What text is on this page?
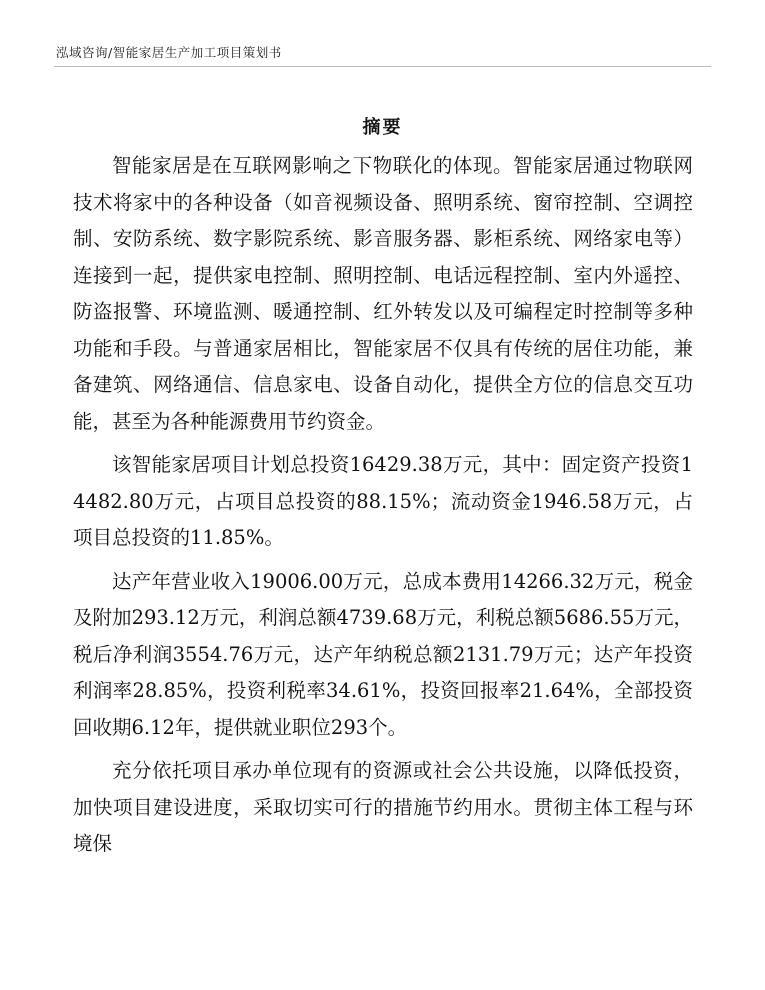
泓域咨询/智能家居生产加工项目策划书
摘要

智能家居是在互联网影响之下物联化的体现。智能家居通过物联网技术将家中的各种设备（如音视频设备、照明系统、窗帘控制、空调控制、安防系统、数字影院系统、影音服务器、影柜系统、网络家电等）连接到一起，提供家电控制、照明控制、电话远程控制、室内外遥控、防盗报警、环境监测、暖通控制、红外转发以及可编程定时控制等多种功能和手段。与普通家居相比，智能家居不仅具有传统的居住功能，兼备建筑、网络通信、信息家电、设备自动化，提供全方位的信息交互功能，甚至为各种能源费用节约资金。

该智能家居项目计划总投资16429.38万元，其中：固定资产投资14482.80万元，占项目总投资的88.15%；流动资金1946.58万元，占项目总投资的11.85%。

达产年营业收入19006.00万元，总成本费用14266.32万元，税金及附加293.12万元，利润总额4739.68万元，利税总额5686.55万元，税后净利润3554.76万元，达产年纳税总额2131.79万元；达产年投资利润率28.85%，投资利税率34.61%，投资回报率21.64%，全部投资回收期6.12年，提供就业职位293个。

充分依托项目承办单位现有的资源或社会公共设施，以降低投资，加快项目建设进度，采取切实可行的措施节约用水。贯彻主体工程与环境保
